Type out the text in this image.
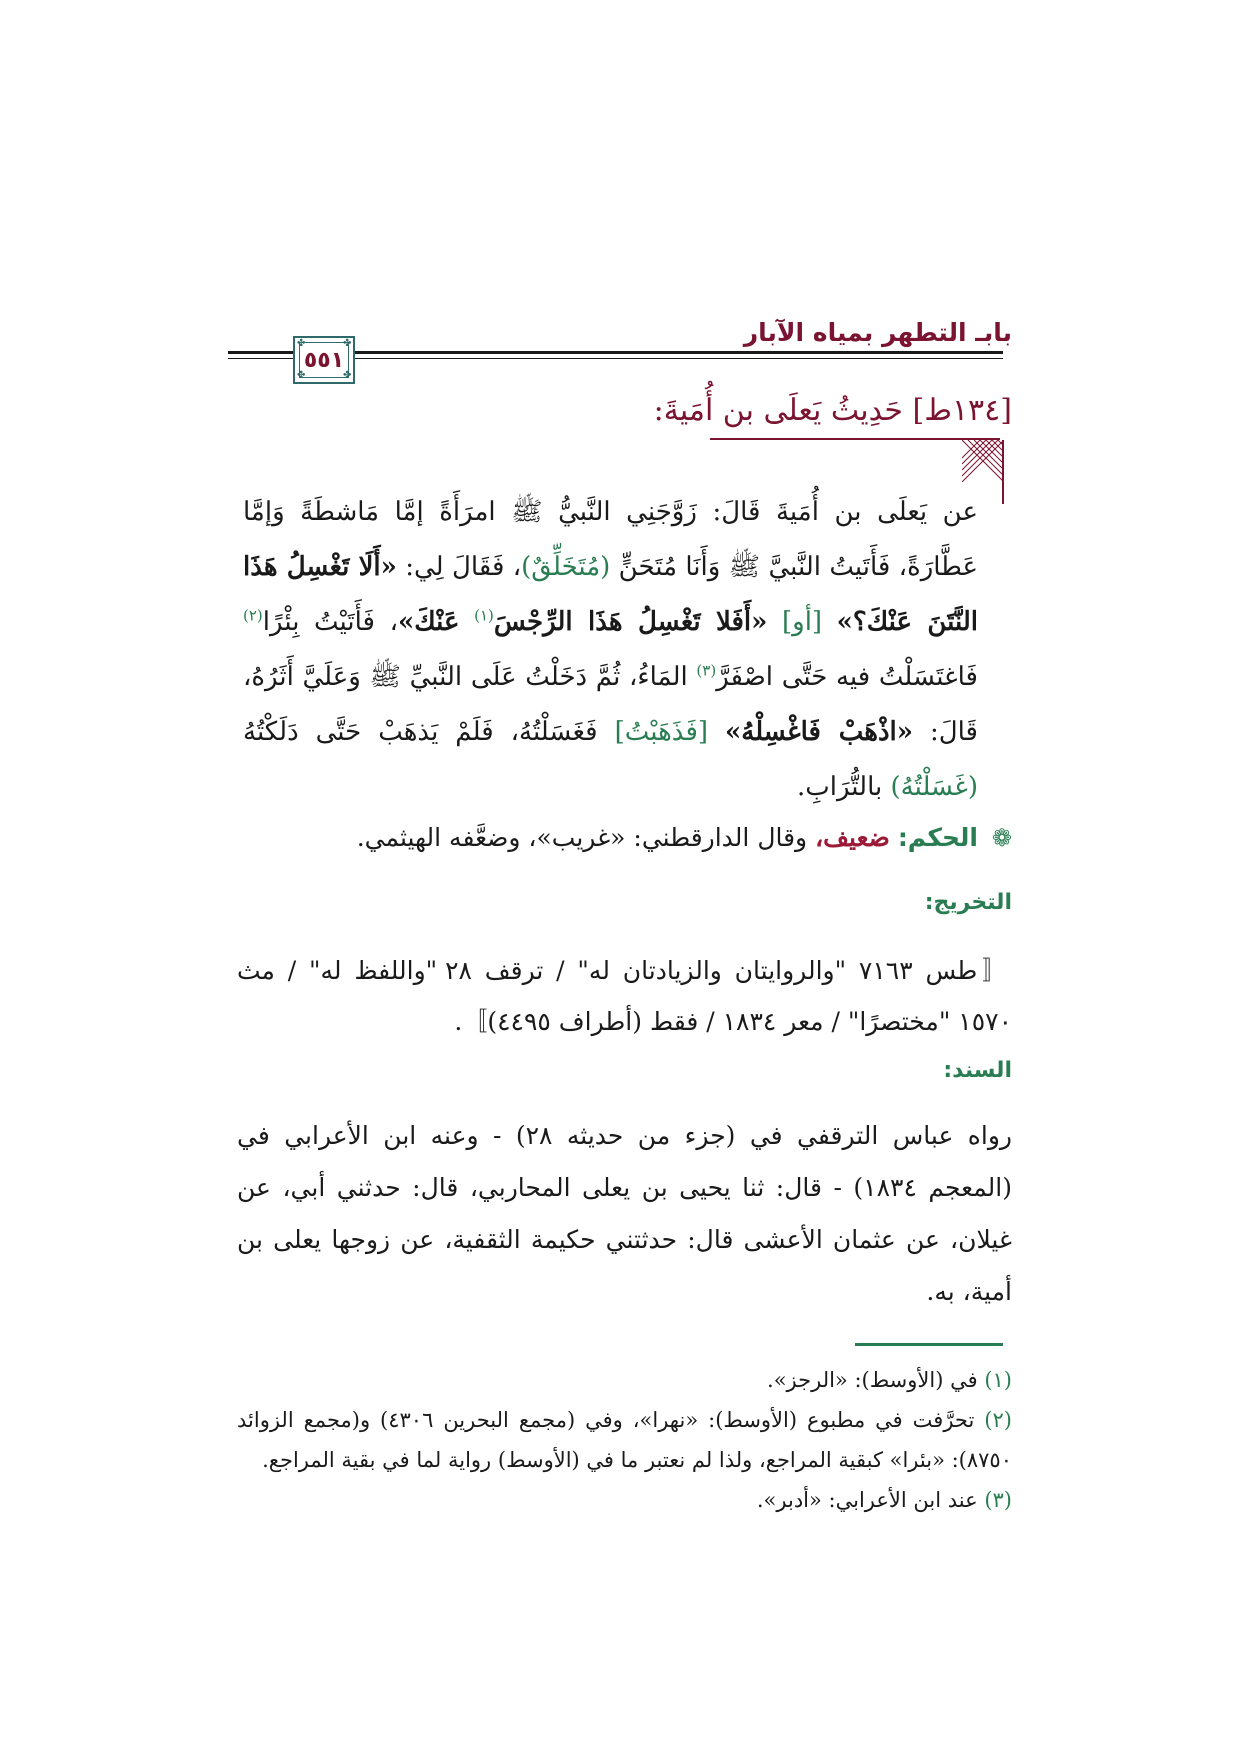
بابـ التطهر بمياه الآبار
✤	✤
✤	✤
٥٥١
[١٣٤ط] حَدِيثُ يَعلَى بن أُمَيةَ:
عن يَعلَى بن أُمَيةَ قَالَ: زَوَّجَنِي النَّبيُّ ﷺ امرَأَةً إمَّا مَاشطَةً وَإمَّا عَطَّارَةً، فَأَتَيتُ النَّبيَّ ﷺ وَأَنَا مُتَحَنٍّ (مُتَخَلِّقٌ)، فَقَالَ لِي: «أَلَا تَغْسِلُ هَذَا النَّتَنَ عَنْكَ؟» [أو] «أَفَلا تَغْسِلُ هَذَا الرِّجْسَ$^{(١)}$ عَنْكَ»، فَأَتَيْتُ بِئْرًا$^{(٢)}$ فَاغتَسَلْتُ فيه حَتَّى اصْفَرَّ$^{(٣)}$ المَاءُ، ثُمَّ دَخَلْتُ عَلَى النَّبيِّ ﷺ وَعَلَيَّ أَثَرُهُ، قَالَ: «اذْهَبْ فَاغْسِلْهُ» [فَذَهَبْتُ] فَغَسَلْتُهُ، فَلَمْ يَذهَبْ حَتَّى دَلَكْتُهُ (غَسَلْتُهُ) بالتُّرَابِ.
❁ الحكم: ضعيف، وقال الدارقطني: «غريب»، وضعَّفه الهيثمي.
التخريج:
〚طس ٧١٦٣ "والروايتان والزيادتان له" / ترقف ٢٨ "واللفظ له" / مث ١٥٧٠ "مختصرًا" / معر ١٨٣٤ / فقط (أطراف ٤٤٩٥)〛.
السند:
رواه عباس الترقفي في (جزء من حديثه ٢٨) - وعنه ابن الأعرابي في (المعجم ١٨٣٤) - قال: ثنا يحيى بن يعلى المحاربي، قال: حدثني أبي، عن غيلان، عن عثمان الأعشى قال: حدثتني حكيمة الثقفية، عن زوجها يعلى بن أمية، به.
(١) في (الأوسط): «الرجز».
(٢) تحرَّفت في مطبوع (الأوسط): «نهرا»، وفي (مجمع البحرين ٤٣٠٦) و(مجمع الزوائد ٨٧٥٠): «بئرا» كبقية المراجع، ولذا لم نعتبر ما في (الأوسط) رواية لما في بقية المراجع.
(٣) عند ابن الأعرابي: «أدبر».
